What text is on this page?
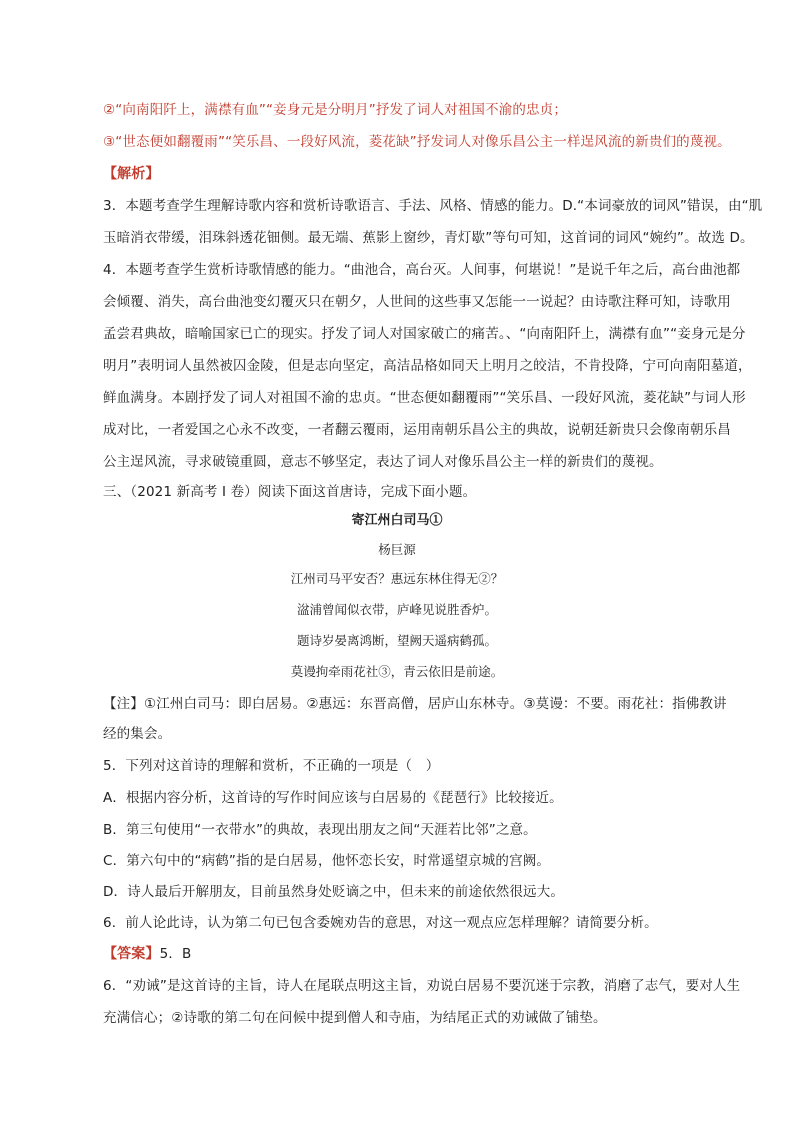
②“向南阳阡上，满襟有血”“妾身元是分明月”抒发了词人对祖国不渝的忠贞；
③“世态便如翻覆雨”“笑乐昌、一段好风流，菱花缺”抒发词人对像乐昌公主一样逞风流的新贵们的蔑视。
【解析】
3．本题考查学生理解诗歌内容和赏析诗歌语言、手法、风格、情感的能力。D.“本词豪放的词风”错误，由“肌
玉暗消衣带缓，泪珠斜透花钿侧。最无端、蕉影上窗纱，青灯歇”等句可知，这首词的词风“婉约”。故选 D。
4．本题考查学生赏析诗歌情感的能力。“曲池合，高台灭。人间事，何堪说！”是说千年之后，高台曲池都
会倾覆、消失，高台曲池变幻覆灭只在朝夕，人世间的这些事又怎能一一说起？由诗歌注释可知，诗歌用
孟尝君典故，暗喻国家已亡的现实。抒发了词人对国家破亡的痛苦。、“向南阳阡上，满襟有血”“妾身元是分
明月”表明词人虽然被囚金陵，但是志向坚定，高洁品格如同天上明月之皎洁，不肯投降，宁可向南阳墓道，
鲜血满身。本剧抒发了词人对祖国不渝的忠贞。“世态便如翻覆雨”“笑乐昌、一段好风流，菱花缺”与词人形
成对比，一者爱国之心永不改变，一者翻云覆雨，运用南朝乐昌公主的典故，说朝廷新贵只会像南朝乐昌
公主逞风流，寻求破镜重圆，意志不够坚定，表达了词人对像乐昌公主一样的新贵们的蔑视。
三、（2021 新高考 I 卷）阅读下面这首唐诗，完成下面小题。
寄江州白司马①
杨巨源
江州司马平安否？惠远东林住得无②？
湓浦曾闻似衣带，庐峰见说胜香炉。
题诗岁晏离鸿断，望阙天遥病鹤孤。
莫谩拘牵雨花社③，青云依旧是前途。
【注】①江州白司马：即白居易。②惠远：东晋高僧，居庐山东林寺。③莫谩：不要。雨花社：指佛教讲
经的集会。
5．下列对这首诗的理解和赏析，不正确的一项是（　）
A．根据内容分析，这首诗的写作时间应该与白居易的《琵琶行》比较接近。
B．第三句使用“一衣带水”的典故，表现出朋友之间“天涯若比邻”之意。
C．第六句中的“病鹤”指的是白居易，他怀恋长安，时常遥望京城的宫阙。
D．诗人最后开解朋友，目前虽然身处贬谪之中，但未来的前途依然很远大。
6．前人论此诗，认为第二句已包含委婉劝告的意思，对这一观点应怎样理解？请简要分析。
【答案】5．B
6．“劝诫”是这首诗的主旨，诗人在尾联点明这主旨，劝说白居易不要沉迷于宗教，消磨了志气，要对人生
充满信心；②诗歌的第二句在问候中提到僧人和寺庙，为结尾正式的劝诫做了铺垫。
